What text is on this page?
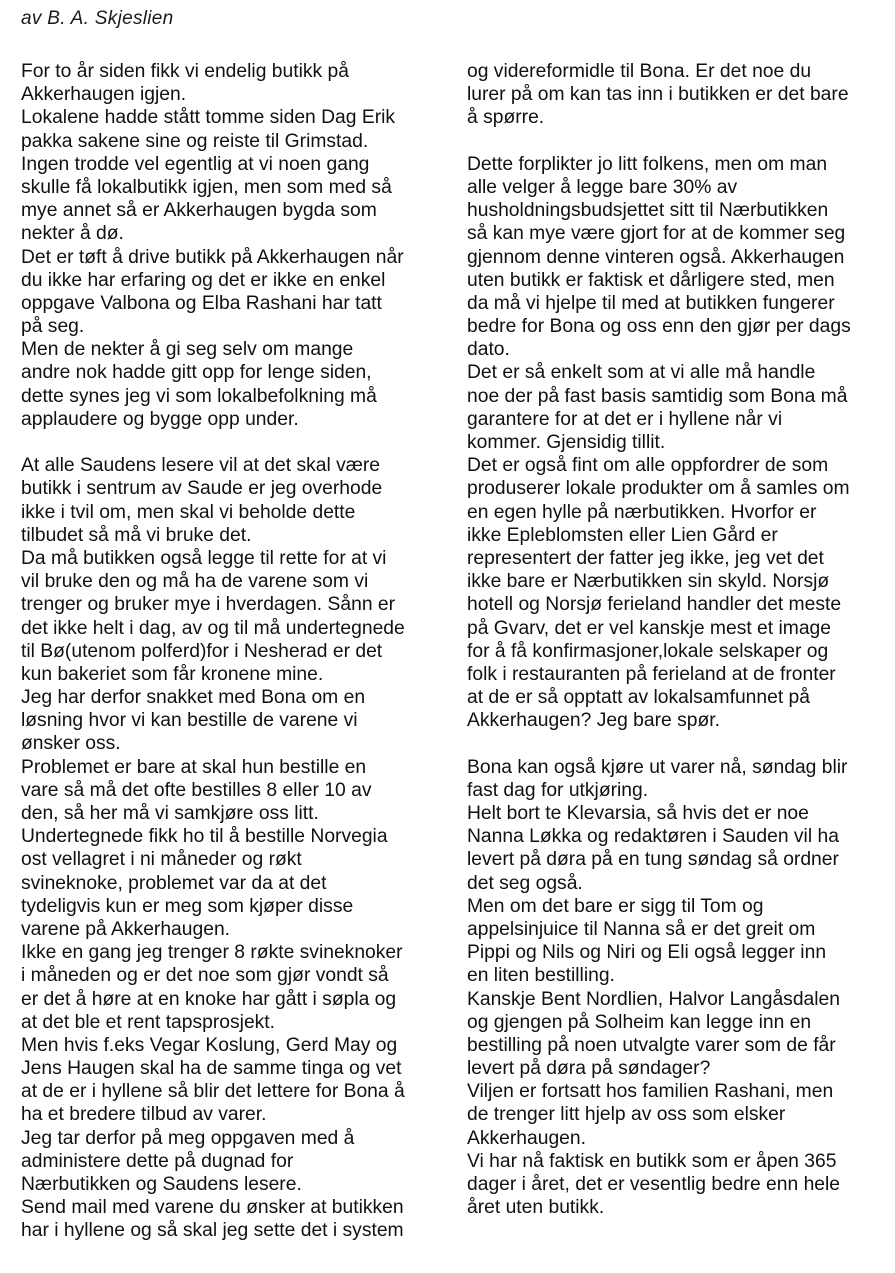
av B. A. Skjeslien

For to år siden fikk vi endelig butikk på
Akkerhaugen igjen.
Lokalene hadde stått tomme siden Dag Erik
pakka sakene sine og reiste til Grimstad.
Ingen trodde vel egentlig at vi noen gang
skulle få lokalbutikk igjen, men som med så
mye annet så er Akkerhaugen bygda som
nekter å dø.
Det er tøft å drive butikk på Akkerhaugen når
du ikke har erfaring og det er ikke en enkel
oppgave Valbona og Elba Rashani har tatt
på seg.
Men de nekter å gi seg selv om mange
andre nok hadde gitt opp for lenge siden,
dette synes jeg vi som lokalbefolkning må
applaudere og bygge opp under.
At alle Saudens lesere vil at det skal være
butikk i sentrum av Saude er jeg overhode
ikke i tvil om, men skal vi beholde dette
tilbudet så må vi bruke det.
Da må butikken også legge til rette for at vi
vil bruke den og må ha de varene som vi
trenger og bruker mye i hverdagen. Sånn er
det ikke helt i dag, av og til må undertegnede
til Bø(utenom polferd)for i Nesherad er det
kun bakeriet som får kronene mine.
Jeg har derfor snakket med Bona om en
løsning hvor vi kan bestille de varene vi
ønsker oss.
Problemet er bare at skal hun bestille en
vare så må det ofte bestilles 8 eller 10 av
den, så her må vi samkjøre oss litt.
Undertegnede fikk ho til å bestille Norvegia
ost vellagret i ni måneder og røkt
svineknoke, problemet var da at det
tydeligvis kun er meg som kjøper disse
varene på Akkerhaugen.
Ikke en gang jeg trenger 8 røkte svineknoker
i måneden og er det noe som gjør vondt så
er det å høre at en knoke har gått i søpla og
at det ble et rent tapsprosjekt.
Men hvis f.eks Vegar Koslung, Gerd May og
Jens Haugen skal ha de samme tinga og vet
at de er i hyllene så blir det lettere for Bona å
ha et bredere tilbud av varer.
Jeg tar derfor på meg oppgaven med å
administere dette på dugnad for
Nærbutikken og Saudens lesere.
Send mail med varene du ønsker at butikken
har i hyllene og så skal jeg sette det i system
og videreformidle til Bona. Er det noe du
lurer på om kan tas inn i butikken er det bare
å spørre.
Dette forplikter jo litt folkens, men om man
alle velger å legge bare 30% av
husholdningsbudsjettet sitt til Nærbutikken
så kan mye være gjort for at de kommer seg
gjennom denne vinteren også. Akkerhaugen
uten butikk er faktisk et dårligere sted, men
da må vi hjelpe til med at butikken fungerer
bedre for Bona og oss enn den gjør per dags
dato.
Det er så enkelt som at vi alle må handle
noe der på fast basis samtidig som Bona må
garantere for at det er i hyllene når vi
kommer. Gjensidig tillit.
Det er også fint om alle oppfordrer de som
produserer lokale produkter om å samles om
en egen hylle på nærbutikken. Hvorfor er
ikke Epleblomsten eller Lien Gård er
representert der fatter jeg ikke, jeg vet det
ikke bare er Nærbutikken sin skyld. Norsjø
hotell og Norsjø ferieland handler det meste
på Gvarv, det er vel kanskje mest et image
for å få konfirmasjoner,lokale selskaper og
folk i restauranten på ferieland at de fronter
at de er så opptatt av lokalsamfunnet på
Akkerhaugen? Jeg bare spør.
Bona kan også kjøre ut varer nå, søndag blir
fast dag for utkjøring.
Helt bort te Klevarsia, så hvis det er noe
Nanna Løkka og redaktøren i Sauden vil ha
levert på døra på en tung søndag så ordner
det seg også.
Men om det bare er sigg til Tom og
appelsinjuice til Nanna så er det greit om
Pippi og Nils og Niri og Eli også legger inn
en liten bestilling.
Kanskje Bent Nordlien, Halvor Langåsdalen
og gjengen på Solheim kan legge inn en
bestilling på noen utvalgte varer som de får
levert på døra på søndager?
Viljen er fortsatt hos familien Rashani, men
de trenger litt hjelp av oss som elsker
Akkerhaugen.
Vi har nå faktisk en butikk som er åpen 365
dager i året, det er vesentlig bedre enn hele
året uten butikk.
